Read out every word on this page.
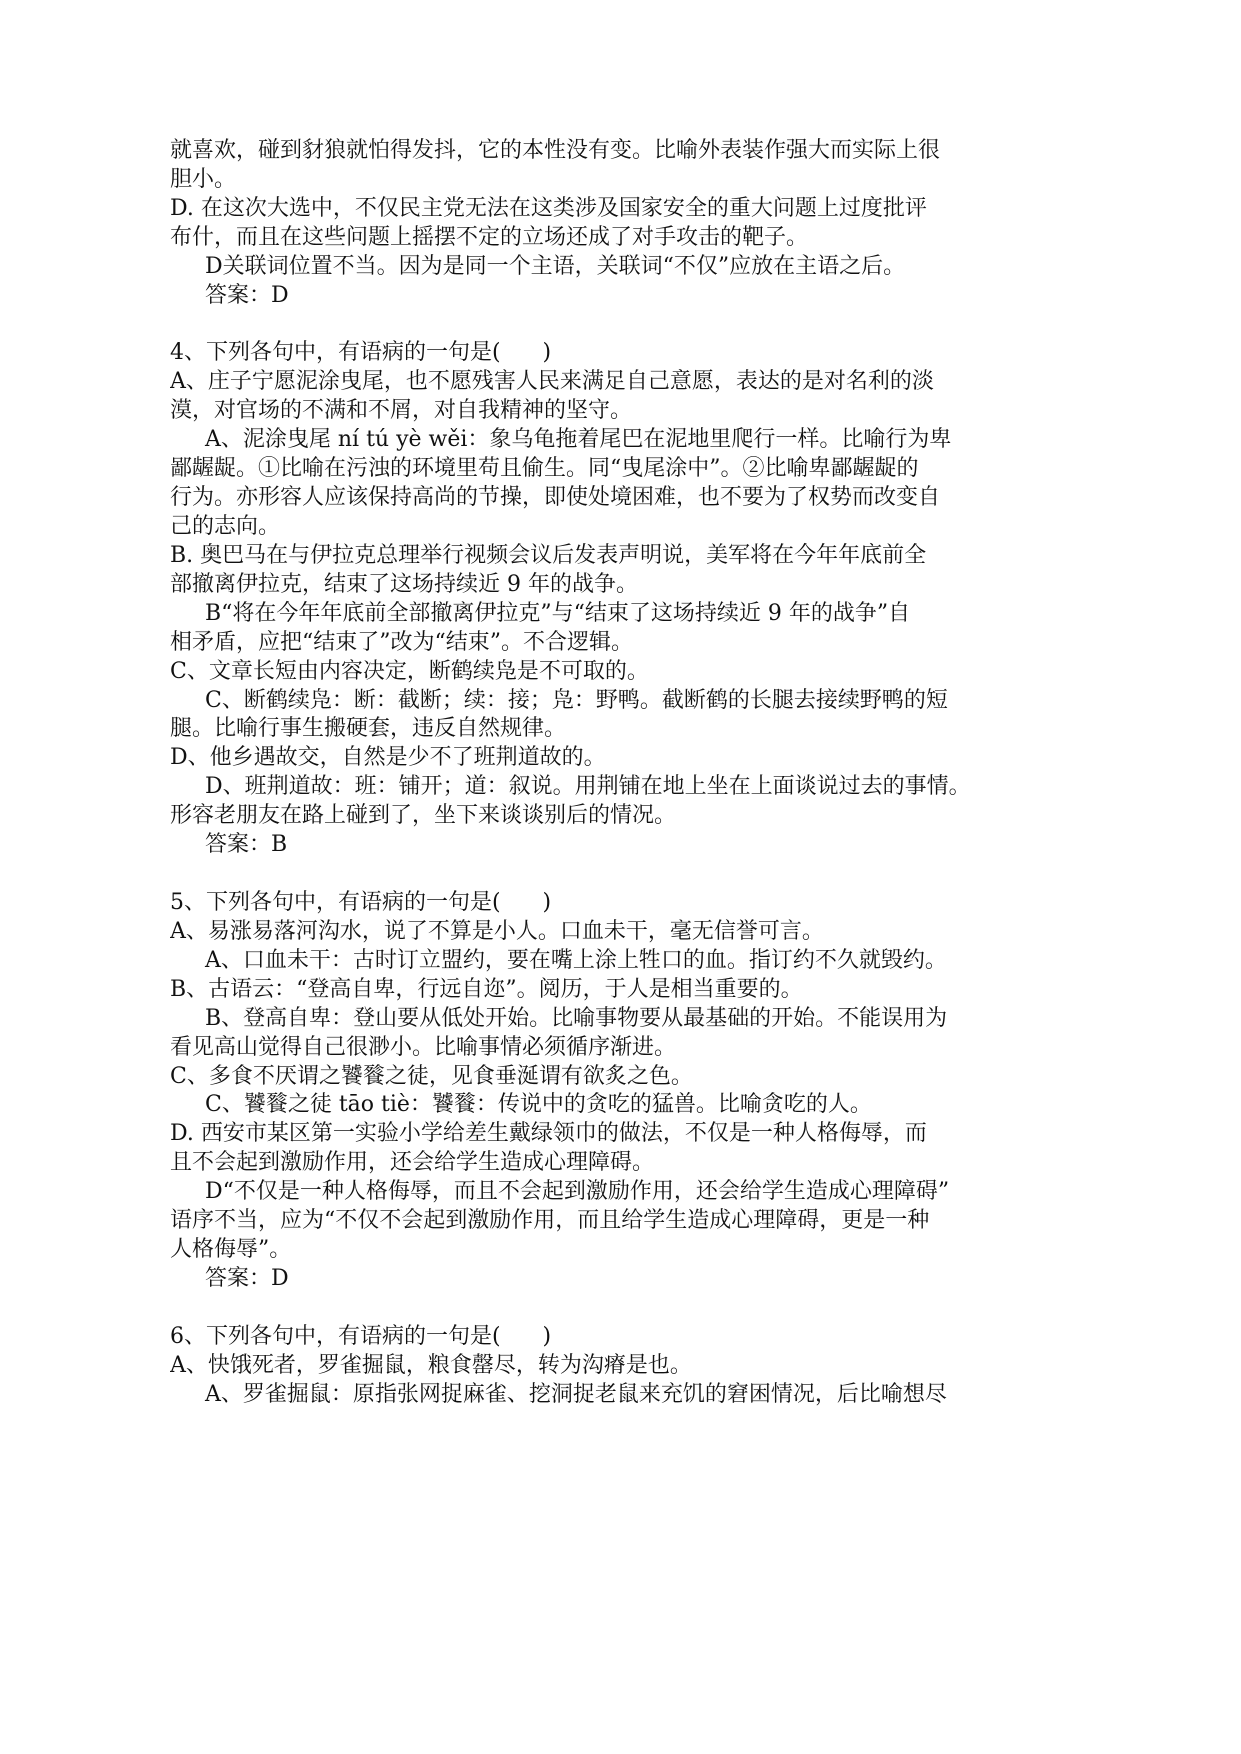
就喜欢，碰到豺狼就怕得发抖，它的本性没有变。比喻外表装作强大而实际上很
胆小。
D. 在这次大选中，不仅民主党无法在这类涉及国家安全的重大问题上过度批评
布什，而且在这些问题上摇摆不定的立场还成了对手攻击的靶子。
D关联词位置不当。因为是同一个主语，关联词“不仅”应放在主语之后。
答案：D
4、下列各句中，有语病的一句是(      )
A、庄子宁愿泥涂曳尾，也不愿残害人民来满足自己意愿，表达的是对名利的淡
漠，对官场的不满和不屑，对自我精神的坚守。
A、泥涂曳尾 ní tú yè wěi：象乌龟拖着尾巴在泥地里爬行一样。比喻行为卑
鄙龌龊。①比喻在污浊的环境里苟且偷生。同“曳尾涂中”。②比喻卑鄙龌龊的
行为。亦形容人应该保持高尚的节操，即使处境困难，也不要为了权势而改变自
己的志向。
B. 奥巴马在与伊拉克总理举行视频会议后发表声明说，美军将在今年年底前全
部撤离伊拉克，结束了这场持续近 9 年的战争。
B“将在今年年底前全部撤离伊拉克”与“结束了这场持续近 9 年的战争”自
相矛盾，应把“结束了”改为“结束”。不合逻辑。
C、文章长短由内容决定，断鹤续凫是不可取的。
C、断鹤续凫：断：截断；续：接；凫：野鸭。截断鹤的长腿去接续野鸭的短
腿。比喻行事生搬硬套，违反自然规律。
D、他乡遇故交，自然是少不了班荆道故的。
D、班荆道故：班：铺开；道：叙说。用荆铺在地上坐在上面谈说过去的事情。
形容老朋友在路上碰到了，坐下来谈谈别后的情况。
答案：B
5、下列各句中，有语病的一句是(      )
A、易涨易落河沟水，说了不算是小人。口血未干，毫无信誉可言。
A、口血未干：古时订立盟约，要在嘴上涂上牲口的血。指订约不久就毁约。
B、古语云：“登高自卑，行远自迩”。阅历，于人是相当重要的。
B、登高自卑：登山要从低处开始。比喻事物要从最基础的开始。不能误用为
看见高山觉得自己很渺小。比喻事情必须循序渐进。
C、多食不厌谓之饕餮之徒，见食垂涎谓有欲炙之色。
C、饕餮之徒 tāo tiè：饕餮：传说中的贪吃的猛兽。比喻贪吃的人。
D. 西安市某区第一实验小学给差生戴绿领巾的做法，不仅是一种人格侮辱，而
且不会起到激励作用，还会给学生造成心理障碍。
D“不仅是一种人格侮辱，而且不会起到激励作用，还会给学生造成心理障碍”
语序不当，应为“不仅不会起到激励作用，而且给学生造成心理障碍，更是一种
人格侮辱”。
答案：D
6、下列各句中，有语病的一句是(      )
A、快饿死者，罗雀掘鼠，粮食罄尽，转为沟瘠是也。
A、罗雀掘鼠：原指张网捉麻雀、挖洞捉老鼠来充饥的窘困情况，后比喻想尽
